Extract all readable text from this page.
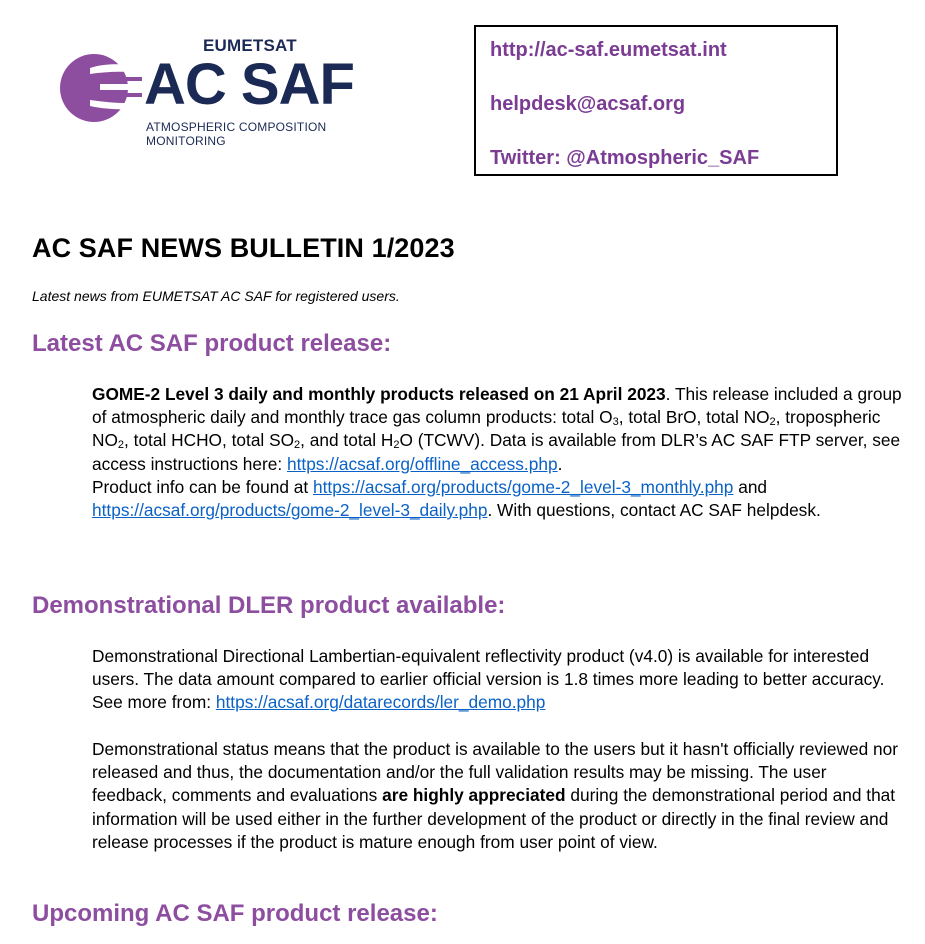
EUMETSAT
AC SAF
ATMOSPHERIC COMPOSITION
MONITORING
http://ac-saf.eumetsat.int
helpdesk@acsaf.org
Twitter: @Atmospheric_SAF
AC SAF NEWS BULLETIN 1/2023

Latest news from EUMETSAT AC SAF for registered users.

Latest AC SAF product release:

GOME-2 Level 3 daily and monthly products released on 21 April 2023. This release included a group of atmospheric daily and monthly trace gas column products: total $O_3$, total BrO, total $NO_2$, tropospheric $NO_2$, total HCHO, total $SO_2$, and total $H_2O$ (TCWV). Data is available from DLR’s AC SAF FTP server, see access instructions here: https://acsaf.org/offline_access.php.
Product info can be found at https://acsaf.org/products/gome-2_level-3_monthly.php and https://acsaf.org/products/gome-2_level-3_daily.php. With questions, contact AC SAF helpdesk.

Demonstrational DLER product available:

Demonstrational Directional Lambertian-equivalent reflectivity product (v4.0) is available for interested users. The data amount compared to earlier official version is 1.8 times more leading to better accuracy. See more from: https://acsaf.org/datarecords/ler_demo.php

Demonstrational status means that the product is available to the users but it hasn't officially reviewed nor released and thus, the documentation and/or the full validation results may be missing. The user feedback, comments and evaluations are highly appreciated during the demonstrational period and that information will be used either in the further development of the product or directly in the final review and release processes if the product is mature enough from user point of view.

Upcoming AC SAF product release:
